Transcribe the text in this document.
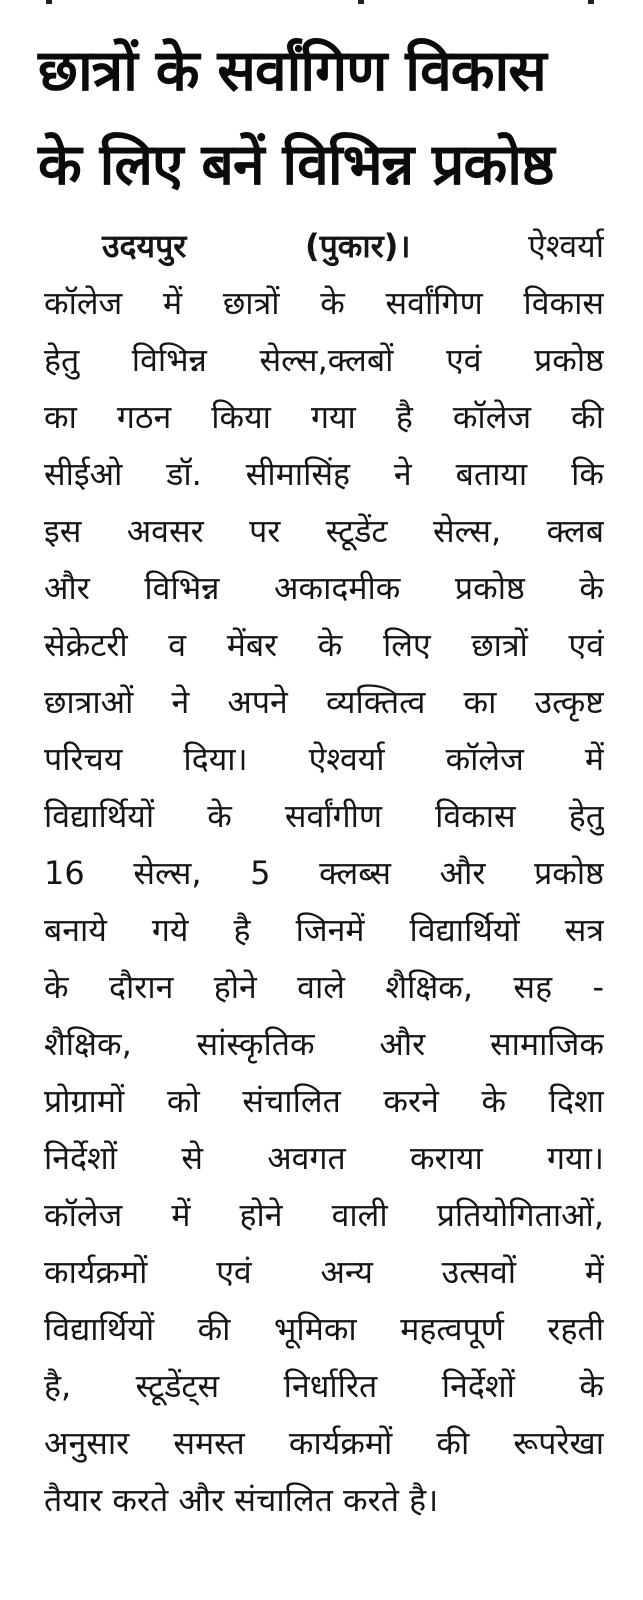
छात्रों के सर्वांगिण विकास
के लिए बनें विभिन्न प्रकोष्ठ
उदयपुर (पुकार)।	ऐश्वर्या
कॉलेज में छात्रों के सर्वांगिण विकास
हेतु विभिन्न सेल्स,क्लबों एवं प्रकोष्ठ
का गठन किया गया है कॉलेज की
सीईओ डॉ. सीमासिंह ने बताया कि
इस अवसर पर स्टूडेंट सेल्स, क्लब
और विभिन्न अकादमीक प्रकोष्ठ के
सेक्रेटरी व मेंबर के लिए छात्रों एवं
छात्राओं ने अपने व्यक्तित्व का उत्कृष्ट
परिचय दिया। ऐश्वर्या कॉलेज में
विद्यार्थियों के सर्वांगीण विकास हेतु
16 सेल्स, 5 क्लब्स और प्रकोष्ठ
बनाये गये है जिनमें विद्यार्थियों सत्र
के दौरान होने वाले शैक्षिक, सह -
शैक्षिक, सांस्कृतिक और सामाजिक
प्रोग्रामों को संचालित करने के दिशा
निर्देशों से अवगत कराया गया।
कॉलेज में होने वाली प्रतियोगिताओं,
कार्यक्रमों एवं अन्य उत्सवों में
विद्यार्थियों की भूमिका महत्वपूर्ण रहती
है, स्टूडेंट्स निर्धारित निर्देशों के
अनुसार समस्त कार्यक्रमों की रूपरेखा
तैयार करते और संचालित करते है।
